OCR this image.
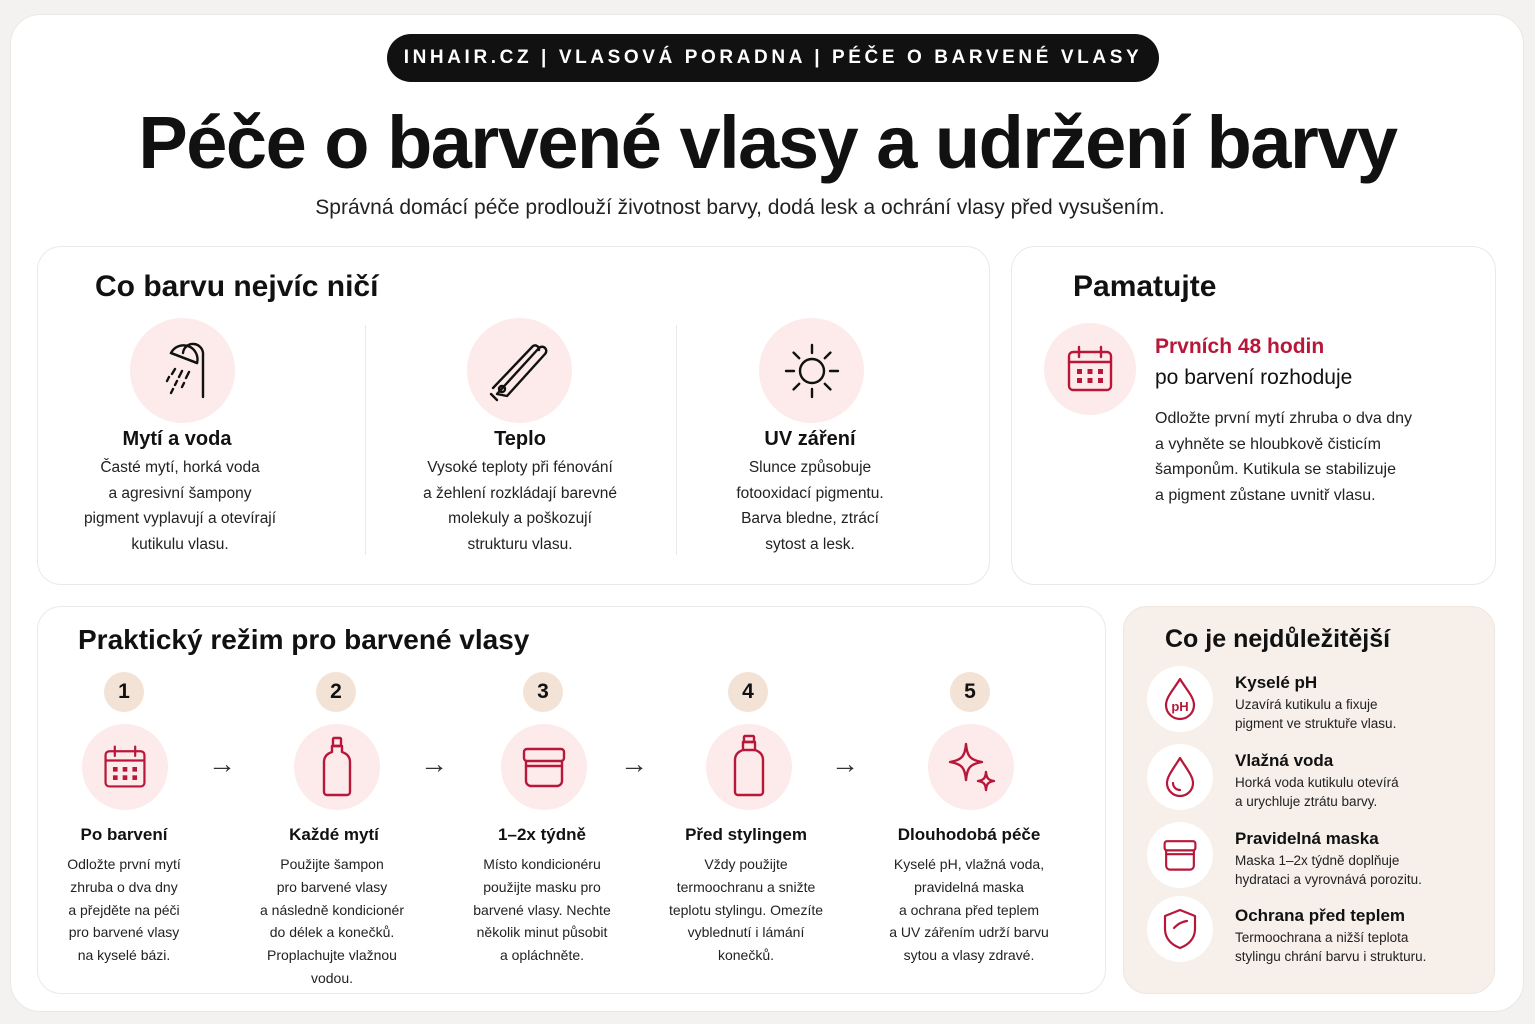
INHAIR.CZ | VLASOVÁ PORADNA | PÉČE O BARVENÉ VLASY
Péče o barvené vlasy a udržení barvy
Správná domácí péče prodlouží životnost barvy, dodá lesk a ochrání vlasy před vysušením.
Co barvu nejvíc ničí
Mytí a voda
Časté mytí, horká voda
a agresivní šampony
pigment vyplavují a otevírají
kutikulu vlasu.
Teplo
Vysoké teploty při fénování
a žehlení rozkládají barevné
molekuly a poškozují
strukturu vlasu.
UV záření
Slunce způsobuje
fotooxidací pigmentu.
Barva bledne, ztrácí
sytost a lesk.
Pamatujte
Prvních 48 hodin
po barvení rozhoduje
Odložte první mytí zhruba o dva dny
a vyhněte se hloubkově čisticím
šamponům. Kutikula se stabilizuje
a pigment zůstane uvnitř vlasu.
Praktický režim pro barvené vlasy
1	2	3	4	5
→	→	→	→
Po barvení
Odložte první mytí
zhruba o dva dny
a přejděte na péči
pro barvené vlasy
na kyselé bázi.
Každé mytí
Použijte šampon
pro barvené vlasy
a následně kondicionér
do délek a konečků.
Proplachujte vlažnou
vodou.
1–2x týdně
Místo kondicionéru
použijte masku pro
barvené vlasy. Nechte
několik minut působit
a opláchněte.
Před stylingem
Vždy použijte
termoochranu a snižte
teplotu stylingu. Omezíte
vyblednutí i lámání
konečků.
Dlouhodobá péče
Kyselé pH, vlažná voda,
pravidelná maska
a ochrana před teplem
a UV zářením udrží barvu
sytou a vlasy zdravé.
Co je nejdůležitější
pH
Kyselé pH
Uzavírá kutikulu a fixuje
pigment ve struktuře vlasu.
Vlažná voda
Horká voda kutikulu otevírá
a urychluje ztrátu barvy.
Pravidelná maska
Maska 1–2x týdně doplňuje
hydrataci a vyrovnává porozitu.
Ochrana před teplem
Termoochrana a nižší teplota
stylingu chrání barvu i strukturu.
